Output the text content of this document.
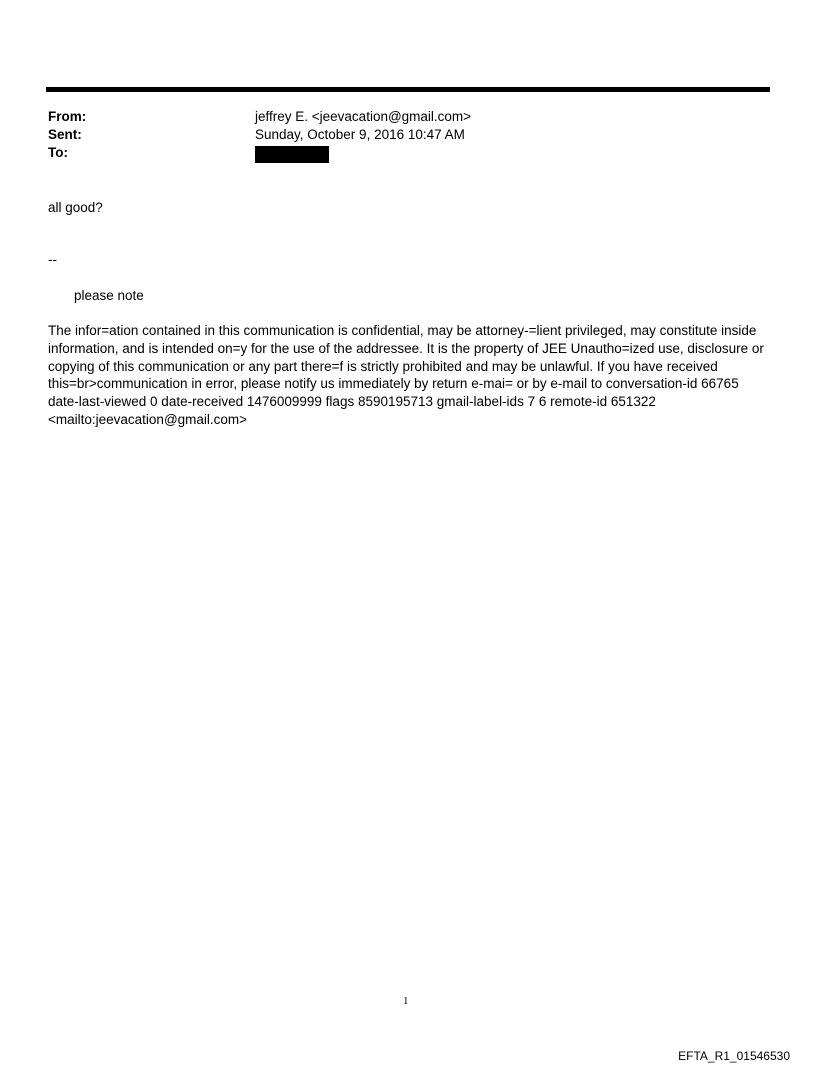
From:	jeffrey E. <jeevacation@gmail.com>
Sent:	Sunday, October 9, 2016 10:47 AM
To:
all good?
--
please note
The infor=ation contained in this communication is confidential, may be attorney-=lient privileged, may constitute inside
information, and is intended on=y for the use of the addressee. It is the property of JEE Unautho=ized use, disclosure or
copying of this communication or any part there=f is strictly prohibited and may be unlawful. If you have received
this=br>communication in error, please notify us immediately by return e-mai= or by e-mail to conversation-id 66765
date-last-viewed 0 date-received 1476009999 flags 8590195713 gmail-label-ids 7 6 remote-id 651322
<mailto:jeevacation@gmail.com>
1
EFTA_R1_01546530
